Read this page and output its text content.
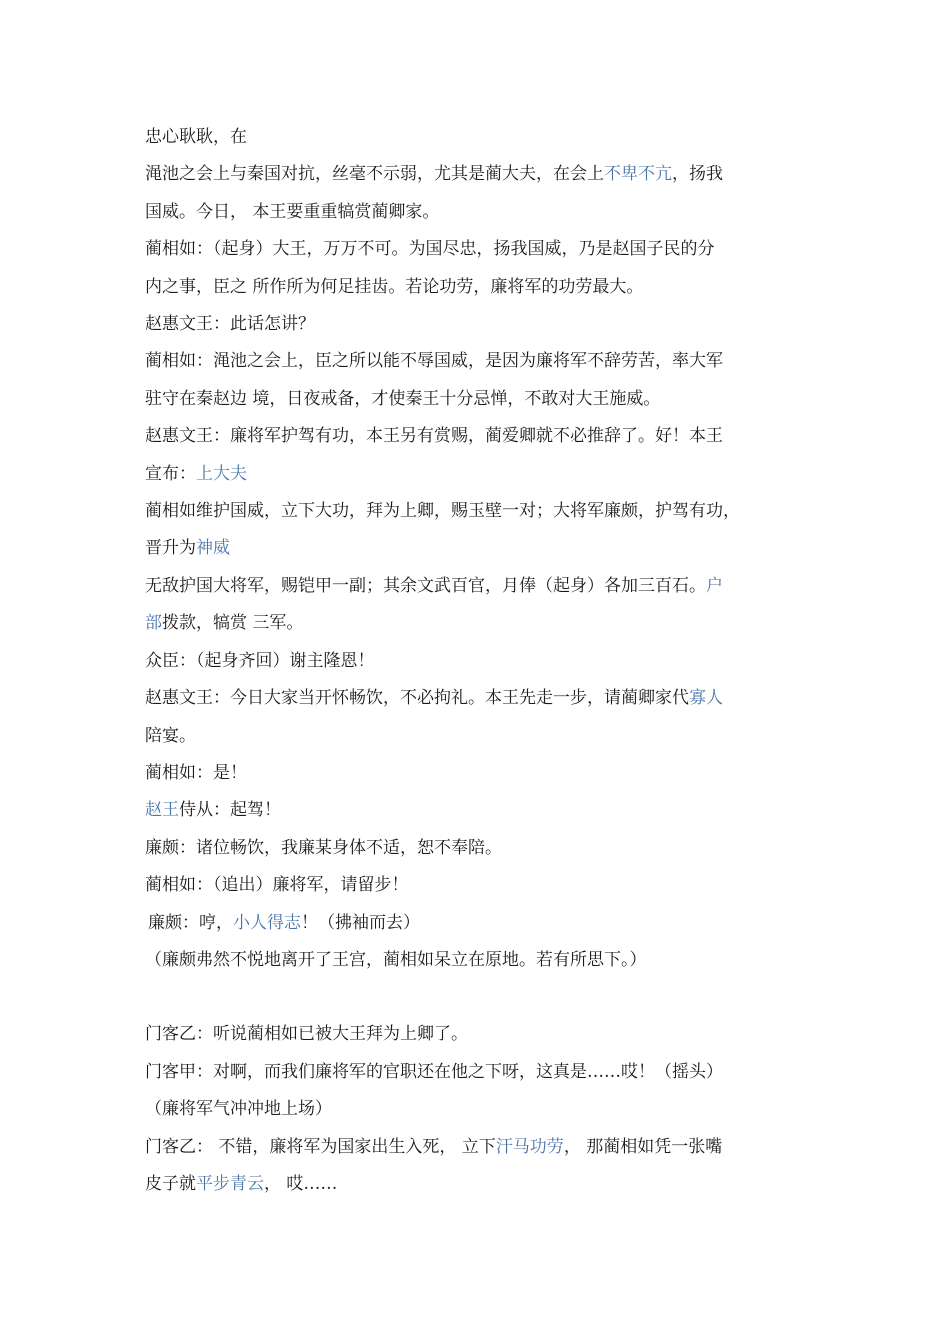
忠心耿耿，在
渑池之会上与秦国对抗，丝毫不示弱，尤其是蔺大夫，在会上不卑不亢，扬我
国威。今日， 本王要重重犒赏蔺卿家。
蔺相如：（起身）大王，万万不可。为国尽忠，扬我国威，乃是赵国子民的分
内之事，臣之 所作所为何足挂齿。若论功劳，廉将军的功劳最大。
赵惠文王：此话怎讲？
蔺相如：渑池之会上，臣之所以能不辱国威，是因为廉将军不辞劳苦，率大军
驻守在秦赵边 境，日夜戒备，才使秦王十分忌惮，不敢对大王施威。
赵惠文王：廉将军护驾有功，本王另有赏赐，蔺爱卿就不必推辞了。好！本王
宣布：上大夫
蔺相如维护国威，立下大功，拜为上卿，赐玉壁一对；大将军廉颇，护驾有功，
晋升为神威
无敌护国大将军，赐铠甲一副；其余文武百官，月俸（起身）各加三百石。户
部拨款，犒赏 三军。
众臣：（起身齐回）谢主隆恩！
赵惠文王：今日大家当开怀畅饮，不必拘礼。本王先走一步，请蔺卿家代寡人
陪宴。
蔺相如：是！
赵王侍从：起驾！
廉颇：诸位畅饮，我廉某身体不适，恕不奉陪。
蔺相如：（追出）廉将军，请留步！
廉颇：哼，小人得志！（拂袖而去）
（廉颇弗然不悦地离开了王宫，蔺相如呆立在原地。若有所思下。）
门客乙：听说蔺相如已被大王拜为上卿了。
门客甲：对啊，而我们廉将军的官职还在他之下呀，这真是……哎！（摇头）
（廉将军气冲冲地上场）
门客乙： 不错，廉将军为国家出生入死， 立下汗马功劳， 那蔺相如凭一张嘴
皮子就平步青云， 哎……
